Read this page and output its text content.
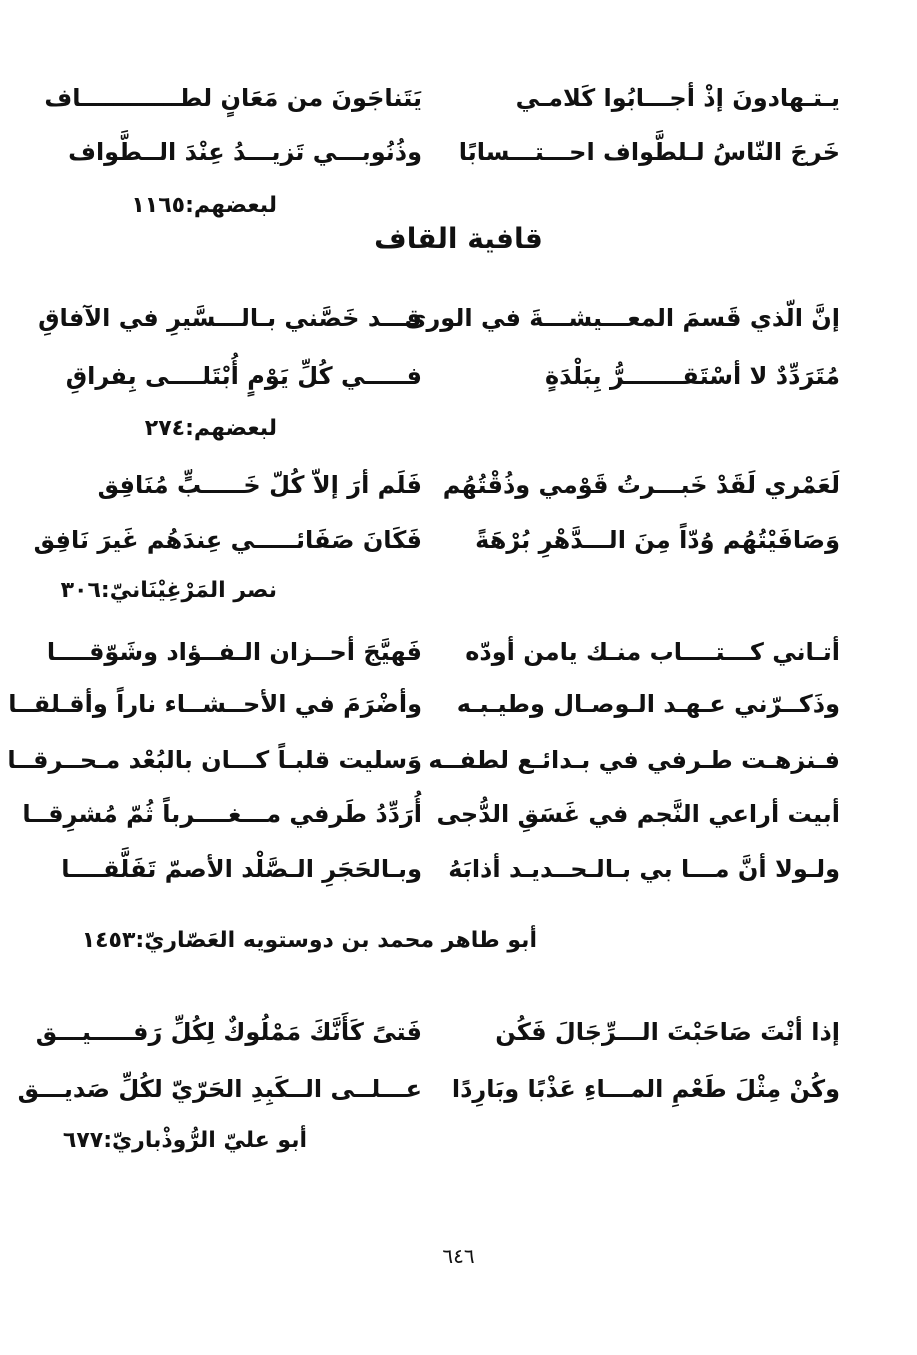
يـتـهادونَ إذْ أجـــابُوا كَلامـي
يَتَناجَونَ من مَعَانٍ لطــــــــــــاف
خَرجَ النّاسُ لـلطَّواف احـــتـــسابًا
وذُنُوبـــي تَزيـــدُ عِنْدَ الــطَّواف
لبعضهم:١١٦٥
قافية القاف
إنَّ الّذي قَسمَ المعـــيشـــةَ في الورى
قـــد خَصَّني بـالـــسَّيرِ في الآفاقِ
مُتَرَدِّدٌ لا أسْتَقـــــــرُّ بِبَلْدَةٍ
فـــــي كُلِّ يَوْمٍ أُبْتَلــــى بِفراقِ
لبعضهم:٢٧٤
لَعَمْري لَقَدْ خَبـــرتُ قَوْمي وذُقْتُهُم
فَلَم أرَ إلاّ كُلّ خَـــــبٍّ مُنَافِق
وَصَافَيْتُهُم وُدّاً مِنَ الـــدَّهْرِ بُرْهَةً
فَكَانَ صَفَائـــــي عِندَهُم غَيرَ نَافِق
نصر المَرْغِيْنَانيّ:٣٠٦
أتـاني كـــتــــاب منـك يامن أودّه
فَهيَّجَ أحــزان الـفــؤاد وشَوّقــــا
وذَكــرّني عـهـد الـوصـال وطيـبـه
وأضْرَمَ في الأحــشــاء ناراً وأقـلقــا
فـنزهـت طـرفي في بـدائـع لطفــه
وَسليت قلبـاً كـــان بالبُعْد مـحــرقــا
أبيت أراعي النَّجم في غَسَقِ الدُّجى
أُرَدِّدُ طَرفي مـــغــــرباً ثُمّ مُشرِقــا
ولـولا أنَّ مـــا بي بـالـحــديـد أذابَهُ
وبـالحَجَرِ الـصَّلْد الأصمّ تَفَلَّقــــا
أبو طاهر محمد بن دوستويه العَصّاريّ:١٤٥٣
إذا أنْتَ صَاحَبْتَ الـــرِّجَالَ فَكُن
فَتىً كَأَنَّكَ مَمْلُوكٌ لِكُلِّ رَفـــــيـــق
وكُنْ مِثْلَ طَعْمِ المـــاءِ عَذْبًا وبَارِدًا
عـــلــى الــكَبِدِ الحَرّيّ لكُلِّ صَديـــق
أبو عليّ الرُّوذْباريّ:٦٧٧
٦٤٦
